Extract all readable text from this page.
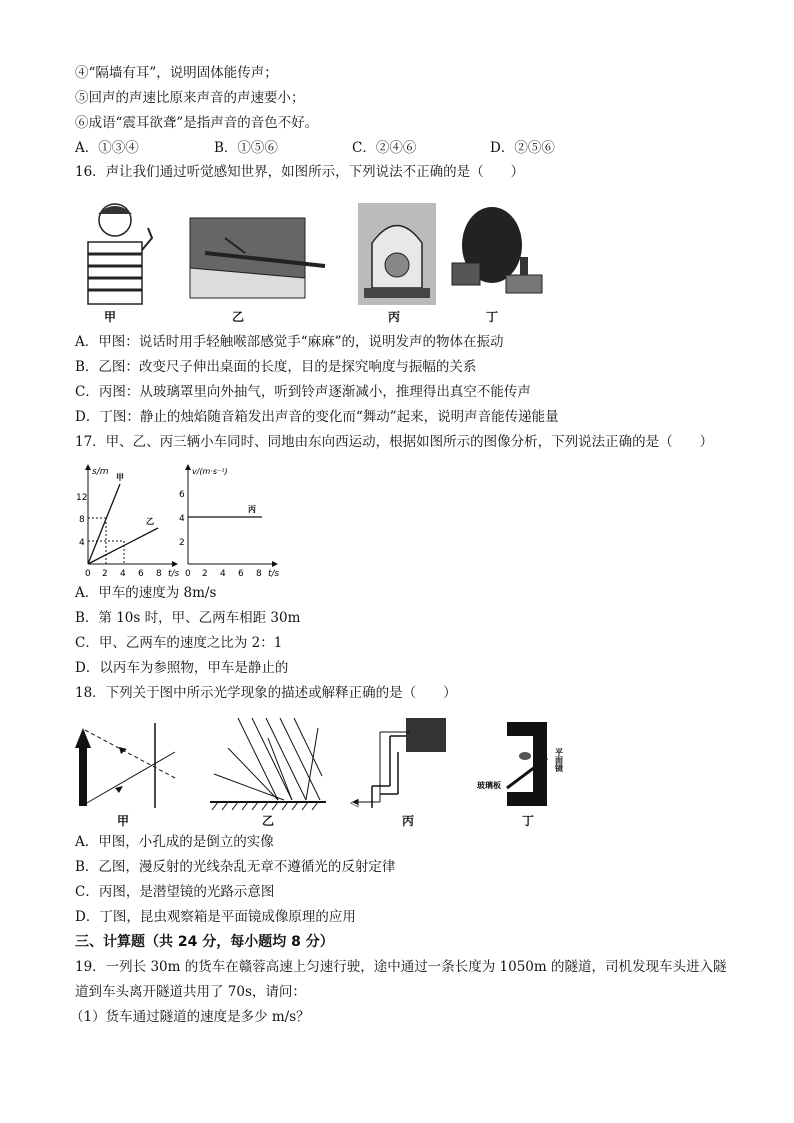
④“隔墙有耳”，说明固体能传声；
⑤回声的声速比原来声音的声速要小；
⑥成语“震耳欲聋”是指声音的音色不好。
A．①③④	B．①⑤⑥	C．②④⑥	D．②⑤⑥
16．声让我们通过听觉感知世界，如图所示，下列说法不正确的是（　　）
甲	乙	丙	丁
A．甲图：说话时用手轻触喉部感觉手“麻麻”的，说明发声的物体在振动
B．乙图：改变尺子伸出桌面的长度，目的是探究响度与振幅的关系
C．丙图：从玻璃罩里向外抽气，听到铃声逐渐减小，推理得出真空不能传声
D．丁图：静止的烛焰随音箱发出声音的变化而“舞动”起来，说明声音能传递能量
17．甲、乙、丙三辆小车同时、同地由东向西运动，根据如图所示的图像分析，下列说法正确的是（　　）
s/m
t/s
12
8
4
0 2 4 6 8
甲
乙
v/(m·s⁻¹)
t/s
6
4
2
0 2 4 6 8
丙
A．甲车的速度为 8m/s
B．第 10s 时，甲、乙两车相距 30m
C．甲、乙两车的速度之比为 2：1
D．以丙车为参照物，甲车是静止的
18．下列关于图中所示光学现象的描述或解释正确的是（　　）
甲	乙
◁
丙
平面镜
玻璃板
丁
A．甲图，小孔成的是倒立的实像
B．乙图，漫反射的光线杂乱无章不遵循光的反射定律
C．丙图，是潜望镜的光路示意图
D．丁图，昆虫观察箱是平面镜成像原理的应用
三、计算题（共 24 分，每小题均 8 分）
19．一列长 30m 的货车在赣蓉高速上匀速行驶，途中通过一条长度为 1050m 的隧道，司机发现车头进入隧
道到车头离开隧道共用了 70s，请问：
（1）货车通过隧道的速度是多少 m/s？
